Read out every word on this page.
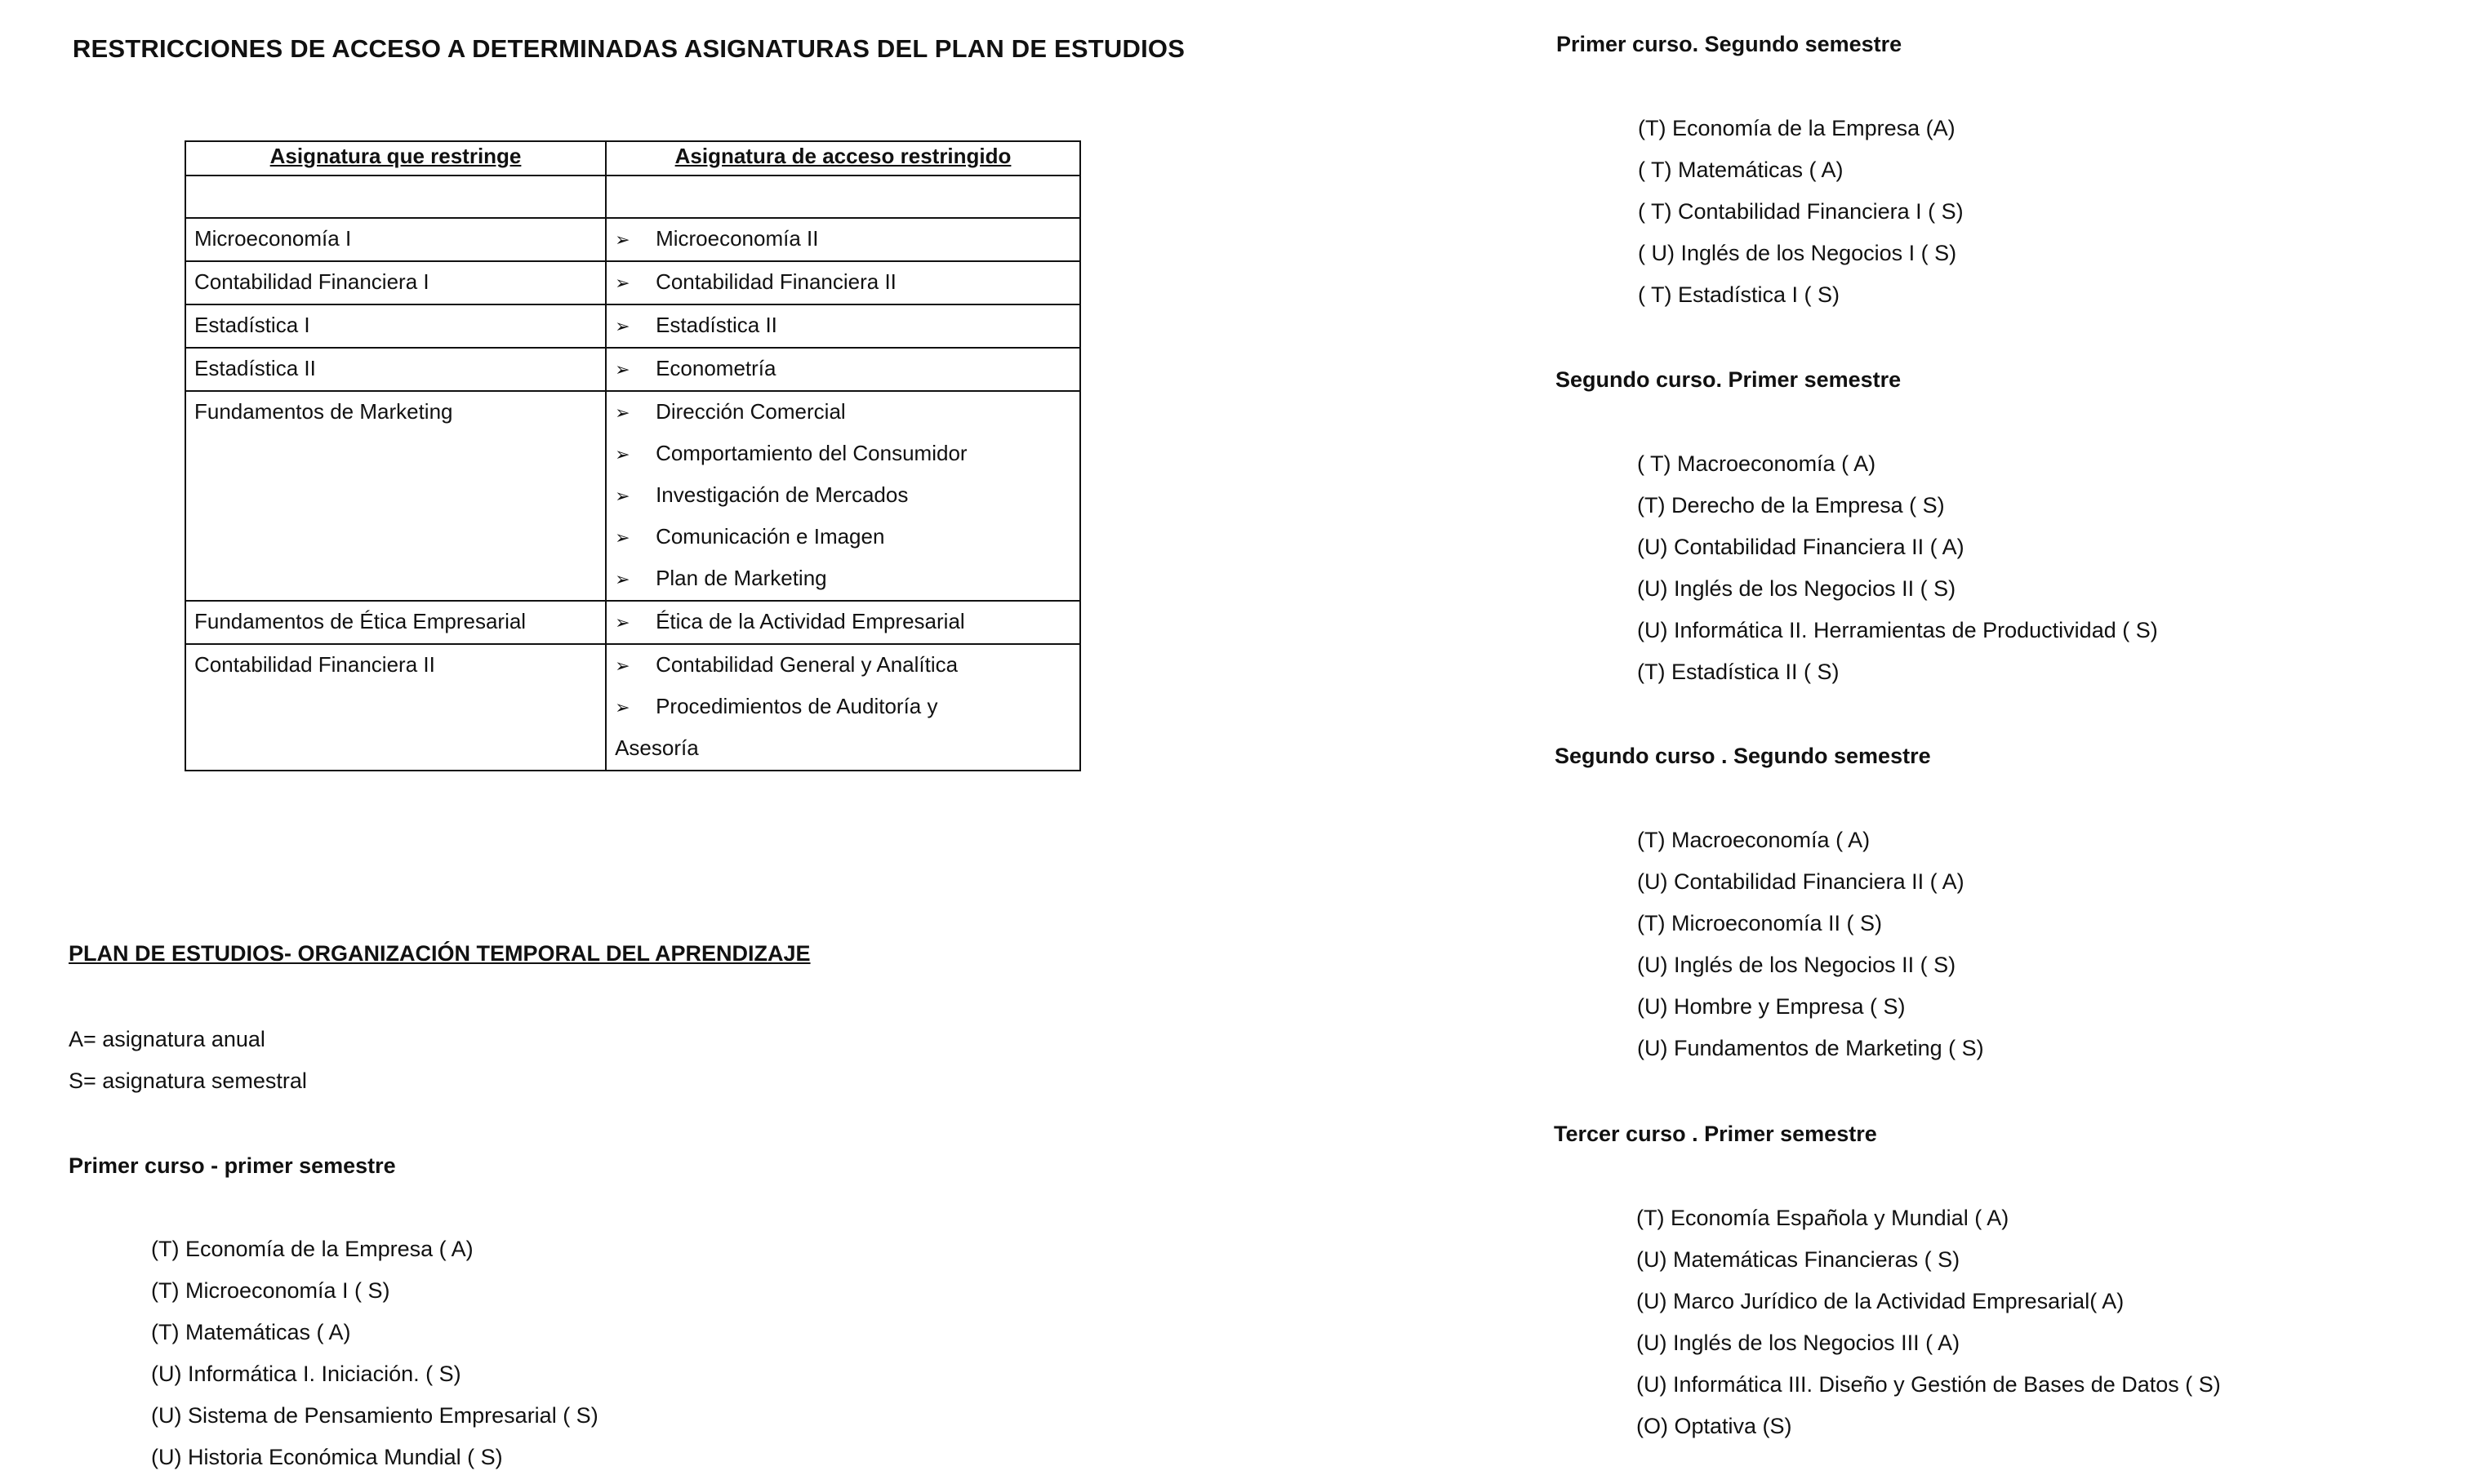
RESTRICCIONES DE ACCESO A DETERMINADAS ASIGNATURAS DEL PLAN DE ESTUDIOS
Asignatura que restringe	Asignatura de acceso restringido

Microeconomía I	➢ Microeconomía II

Contabilidad Financiera I	➢ Contabilidad Financiera II

Estadística I	➢ Estadística II

Estadística II	➢ Econometría

Fundamentos de Marketing	➢ Dirección Comercial
➢ Comportamiento del Consumidor
➢ Investigación de Mercados
➢ Comunicación e Imagen
➢ Plan de Marketing

Fundamentos de Ética Empresarial	➢ Ética de la Actividad Empresarial

Contabilidad Financiera II	➢ Contabilidad General y Analítica
➢ Procedimientos de Auditoría y
Asesoría
PLAN DE ESTUDIOS- ORGANIZACIÓN TEMPORAL DEL APRENDIZAJE
A= asignatura anual
S= asignatura semestral
Primer curso - primer semestre
(T) Economía de la Empresa ( A)
(T) Microeconomía I ( S)
(T) Matemáticas ( A)
(U) Informática I. Iniciación. ( S)
(U) Sistema de Pensamiento Empresarial ( S)
(U) Historia Económica Mundial ( S)
Primer curso. Segundo semestre
(T) Economía de la Empresa (A)
( T) Matemáticas ( A)
( T) Contabilidad Financiera I ( S)
( U) Inglés de los Negocios I ( S)
( T) Estadística I ( S)
Segundo curso. Primer semestre
( T) Macroeconomía ( A)
(T) Derecho de la Empresa ( S)
(U) Contabilidad Financiera II ( A)
(U) Inglés de los Negocios II ( S)
(U) Informática II. Herramientas de Productividad ( S)
(T) Estadística II ( S)
Segundo curso . Segundo semestre
(T) Macroeconomía ( A)
(U) Contabilidad Financiera II ( A)
(T) Microeconomía II ( S)
(U) Inglés de los Negocios II ( S)
(U) Hombre y Empresa ( S)
(U) Fundamentos de Marketing ( S)
Tercer curso . Primer semestre
(T) Economía Española y Mundial ( A)
(U) Matemáticas Financieras ( S)
(U) Marco Jurídico de la Actividad Empresarial( A)
(U) Inglés de los Negocios III ( A)
(U) Informática III. Diseño y Gestión de Bases de Datos ( S)
(O) Optativa (S)
